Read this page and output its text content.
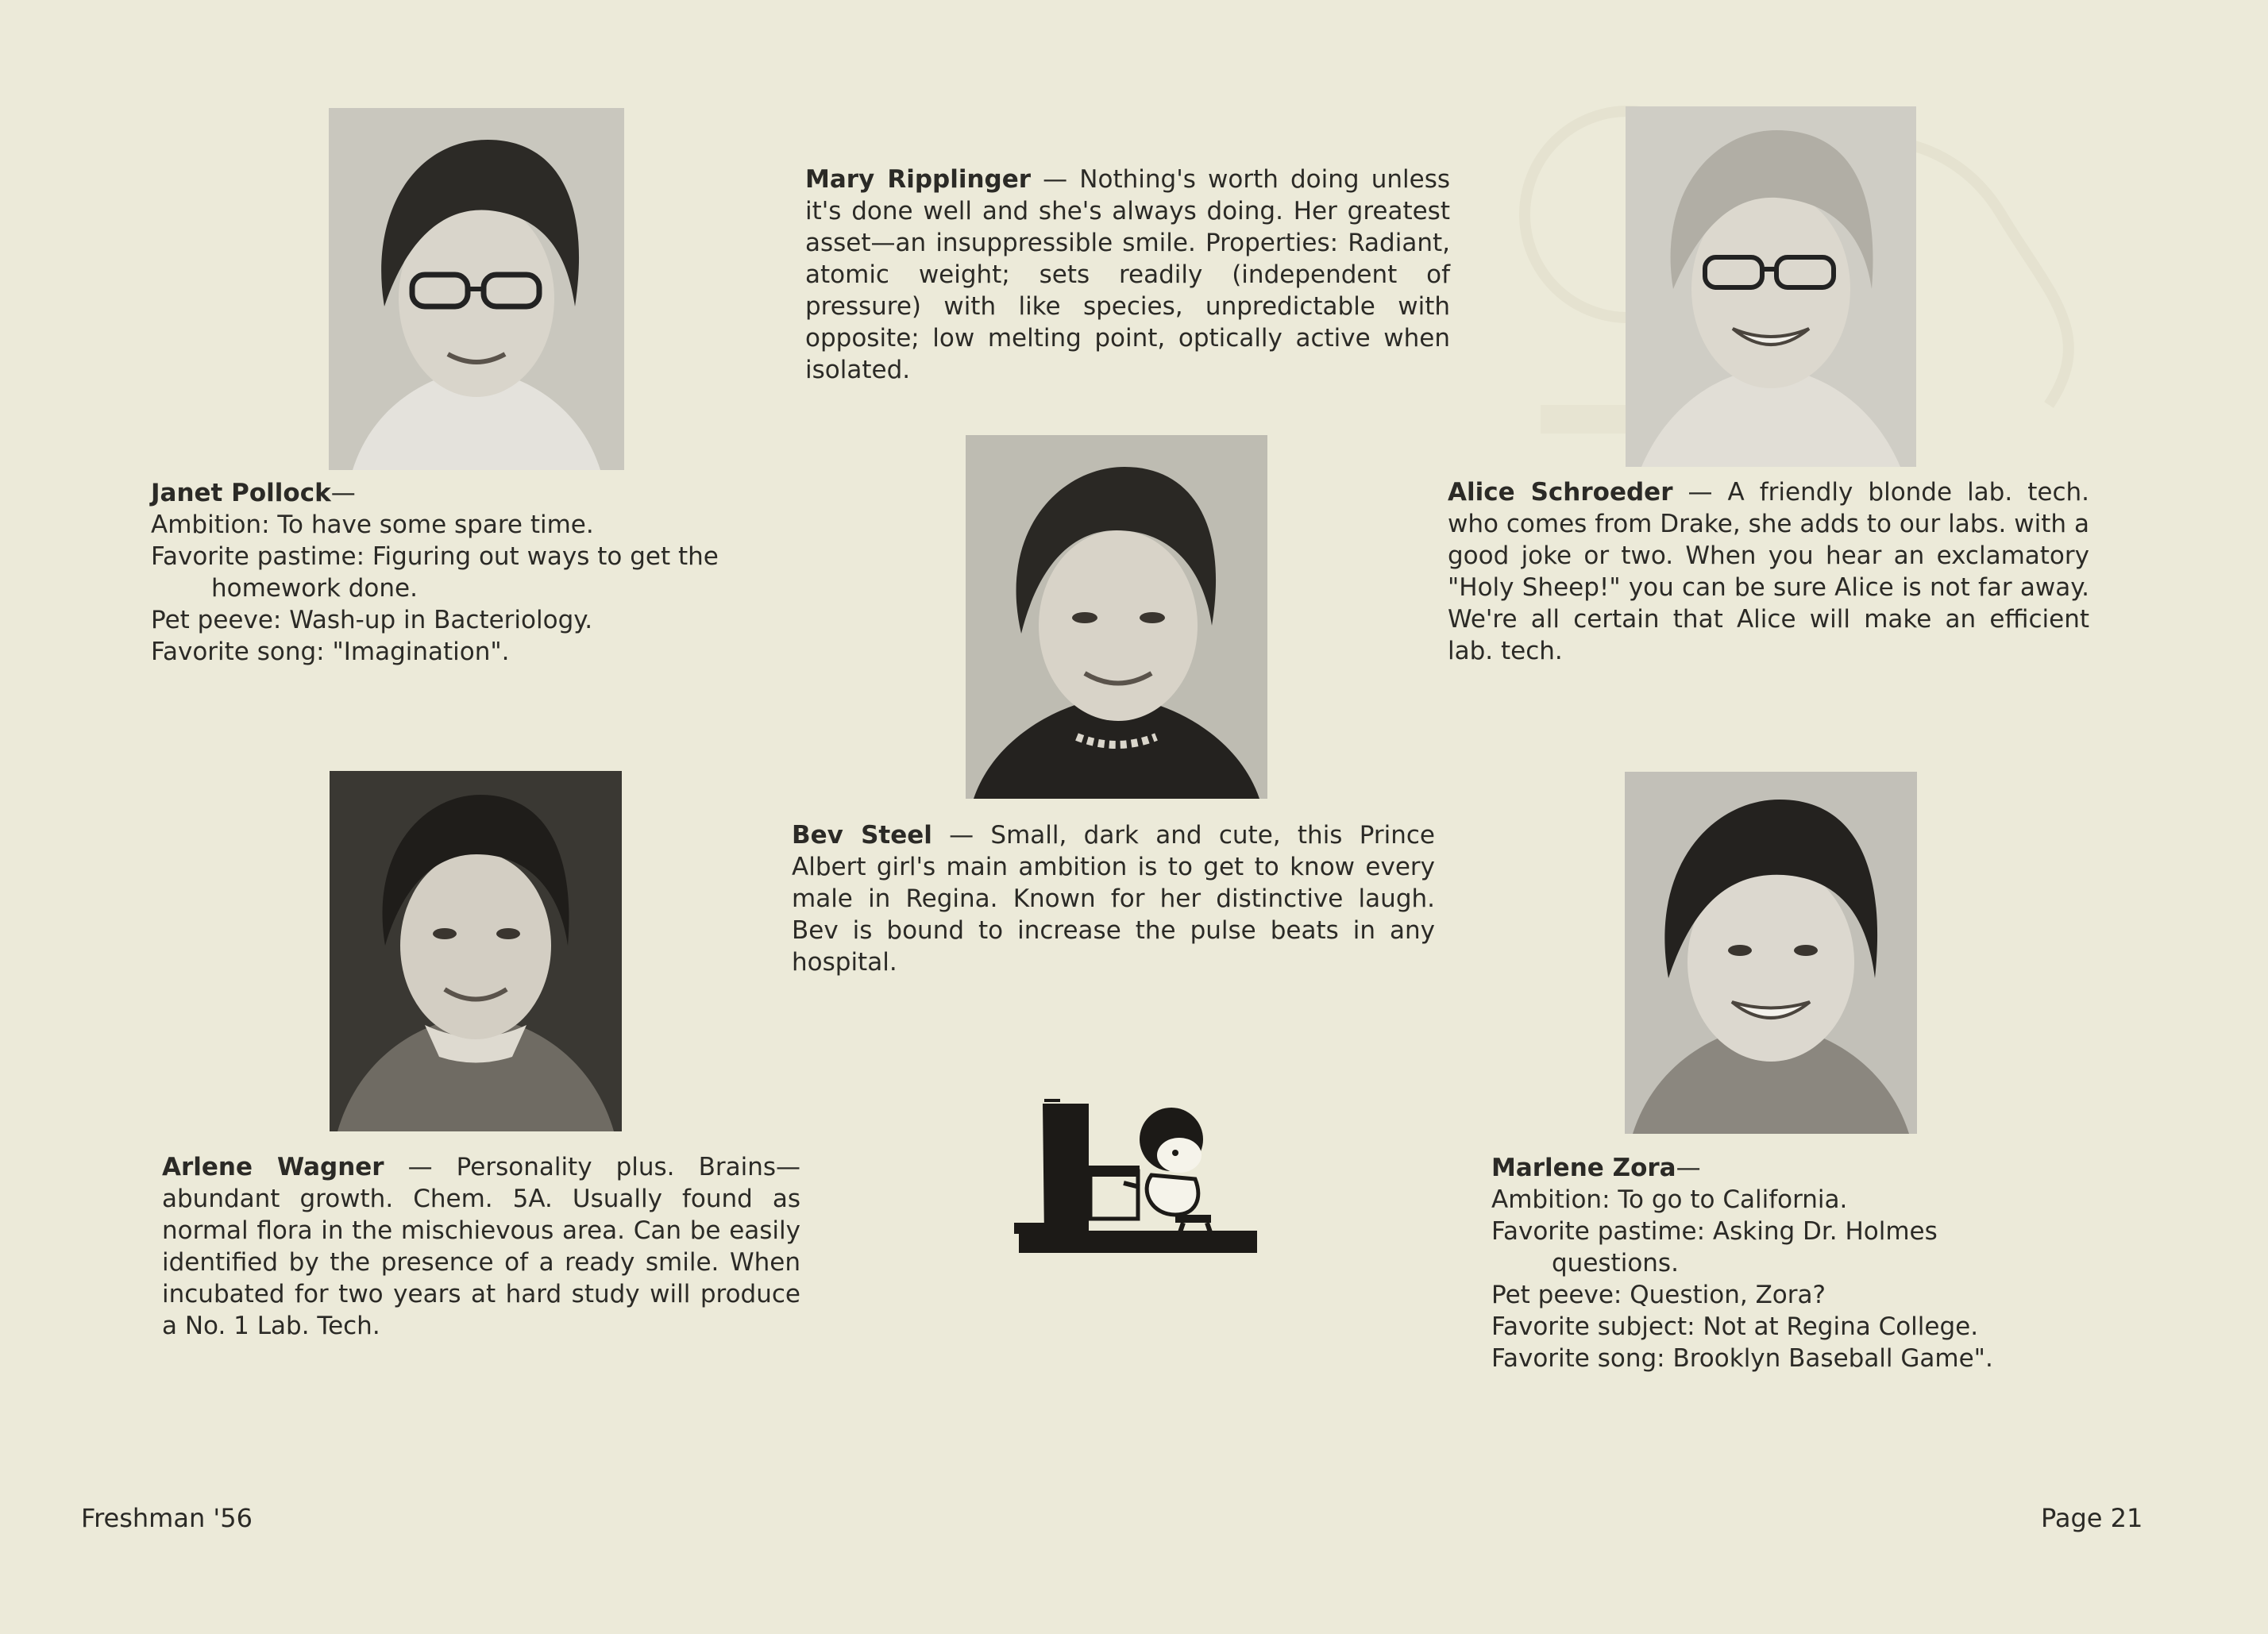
Janet Pollock—
Ambition: To have some spare time.
Favorite pastime: Figuring out ways to get the
homework done.
Pet peeve: Wash-up in Bacteriology.
Favorite song: "Imagination".
Mary Ripplinger — Nothing's worth doing unless it's done well and she's always doing. Her greatest asset—an insuppressible smile. Properties: Radiant, atomic weight; sets readily (independent of pressure) with like species, unpredictable with opposite; low melting point, optically active when isolated.
Bev Steel — Small, dark and cute, this Prince Albert girl's main ambition is to get to know every male in Regina. Known for her distinctive laugh. Bev is bound to increase the pulse beats in any hospital.
Alice Schroeder — A friendly blonde lab. tech. who comes from Drake, she adds to our labs. with a good joke or two. When you hear an exclamatory "Holy Sheep!" you can be sure Alice is not far away. We're all certain that Alice will make an efficient lab. tech.
Arlene Wagner — Personality plus. Brains—abundant growth. Chem. 5A. Usually found as normal flora in the mischievous area. Can be easily identified by the presence of a ready smile. When incubated for two years at hard study will produce a No. 1 Lab. Tech.
Marlene Zora—
Ambition: To go to California.
Favorite pastime: Asking Dr. Holmes
questions.
Pet peeve: Question, Zora?
Favorite subject: Not at Regina College.
Favorite song: Brooklyn Baseball Game".
Freshman '56	Page 21
